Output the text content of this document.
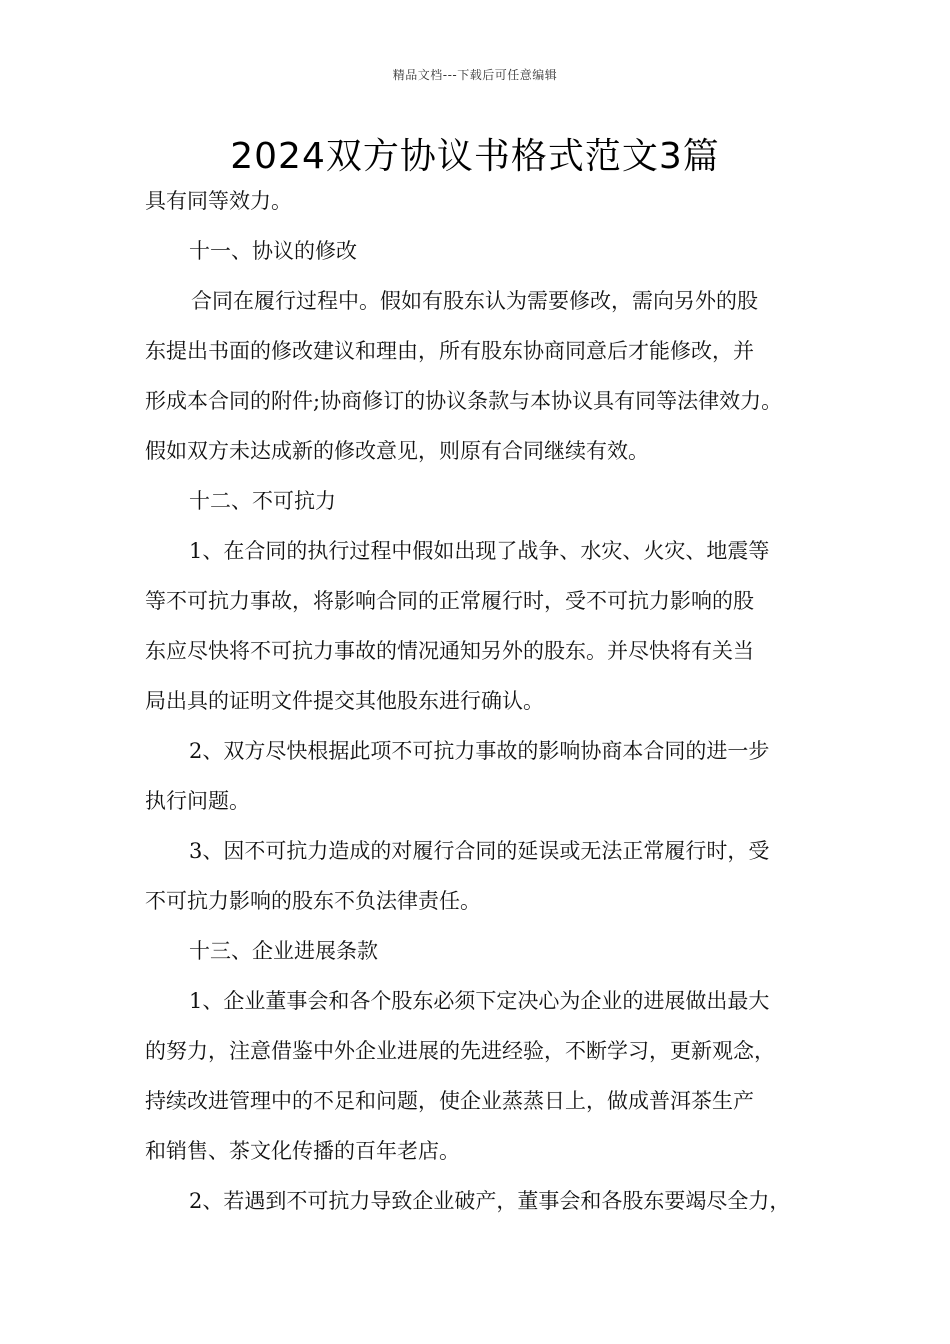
精品文档---下载后可任意编辑
2024双方协议书格式范文3篇
具有同等效力。
十一、协议的修改
合同在履行过程中。假如有股东认为需要修改，需向另外的股
东提出书面的修改建议和理由，所有股东协商同意后才能修改，并
形成本合同的附件;协商修订的协议条款与本协议具有同等法律效力。
假如双方未达成新的修改意见，则原有合同继续有效。
十二、不可抗力
1、在合同的执行过程中假如出现了战争、水灾、火灾、地震等
等不可抗力事故，将影响合同的正常履行时，受不可抗力影响的股
东应尽快将不可抗力事故的情况通知另外的股东。并尽快将有关当
局出具的证明文件提交其他股东进行确认。
2、双方尽快根据此项不可抗力事故的影响协商本合同的进一步
执行问题。
3、因不可抗力造成的对履行合同的延误或无法正常履行时，受
不可抗力影响的股东不负法律责任。
十三、企业进展条款
1、企业董事会和各个股东必须下定决心为企业的进展做出最大
的努力，注意借鉴中外企业进展的先进经验，不断学习，更新观念，
持续改进管理中的不足和问题，使企业蒸蒸日上，做成普洱茶生产
和销售、茶文化传播的百年老店。
2、若遇到不可抗力导致企业破产，董事会和各股东要竭尽全力，
